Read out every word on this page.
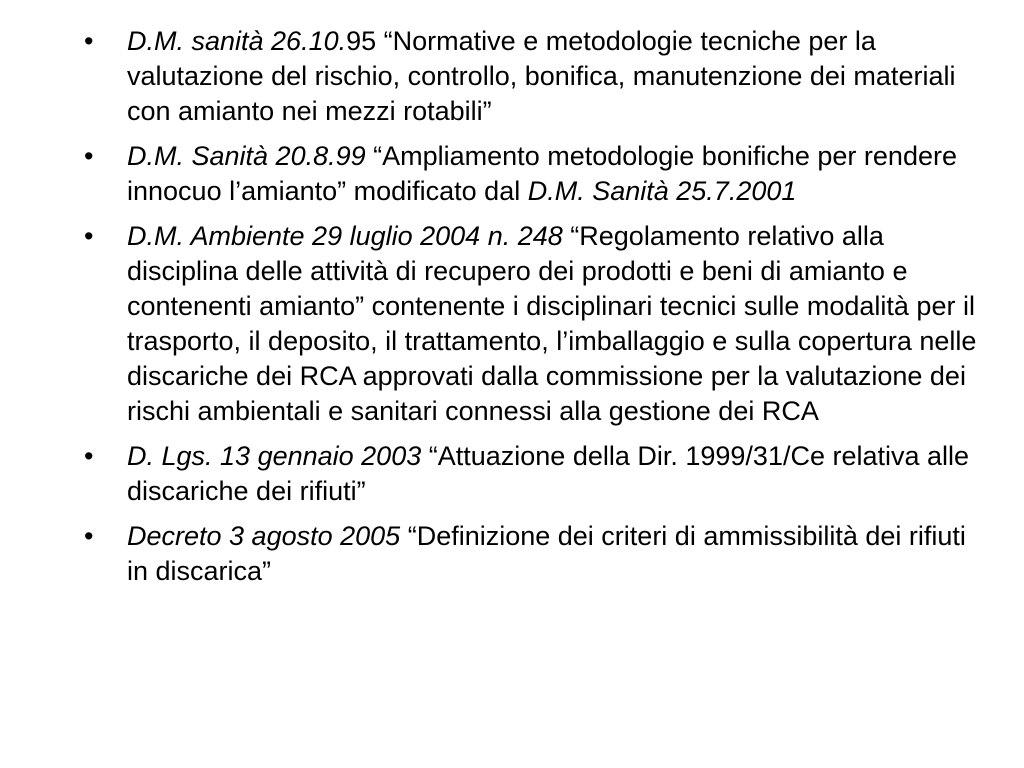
• D.M. sanità 26.10.95 “Normative e metodologie tecniche per la valutazione del rischio, controllo, bonifica, manutenzione dei materiali con amianto nei mezzi rotabili”
• D.M. Sanità 20.8.99 “Ampliamento metodologie bonifiche per rendere innocuo l’amianto” modificato dal D.M. Sanità 25.7.2001
• D.M. Ambiente 29 luglio 2004 n. 248 “Regolamento relativo alla disciplina delle attività di recupero dei prodotti e beni di amianto e contenenti amianto” contenente i disciplinari tecnici sulle modalità per il trasporto, il deposito, il trattamento, l’imballaggio e sulla copertura nelle discariche dei RCA approvati dalla commissione per la valutazione dei rischi ambientali e sanitari connessi alla gestione dei RCA
• D. Lgs. 13 gennaio 2003 “Attuazione della Dir. 1999/31/Ce relativa alle discariche dei rifiuti”
• Decreto 3 agosto 2005 “Definizione dei criteri di ammissibilità dei rifiuti in discarica”
